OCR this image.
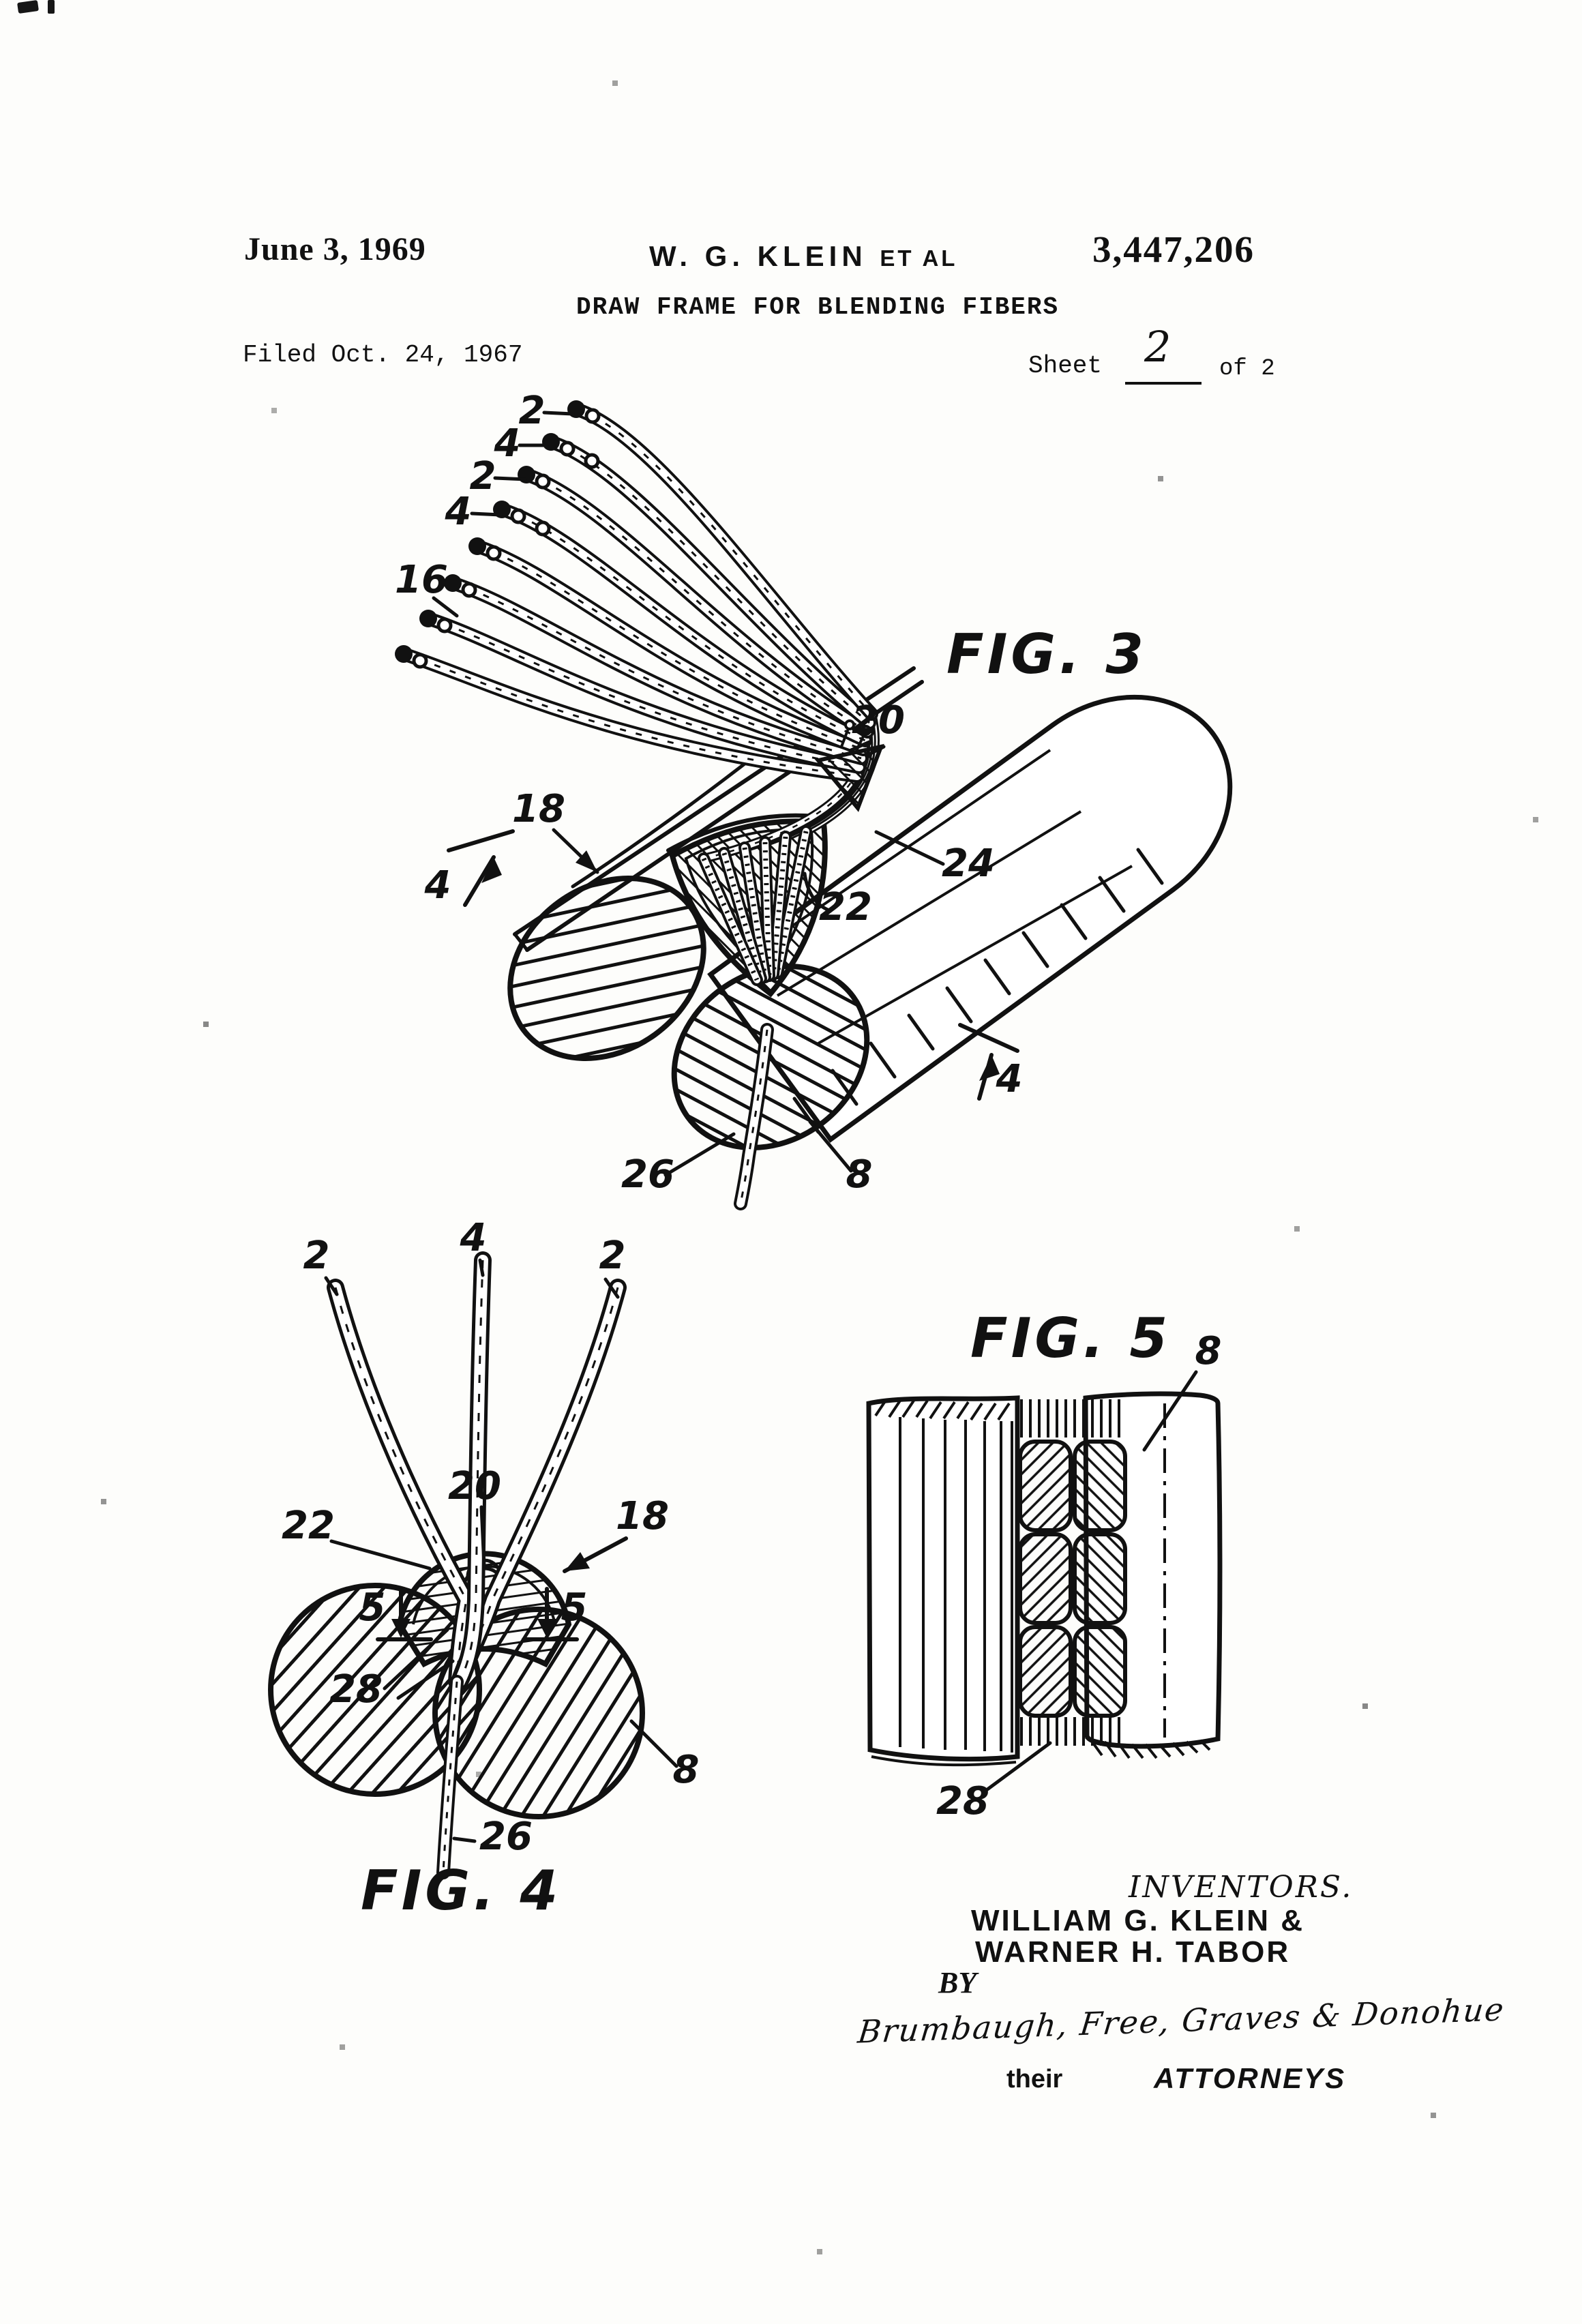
June 3, 1969	W. G. KLEIN ET AL	3,447,206
DRAW FRAME FOR BLENDING FIBERS
Filed Oct. 24, 1967	Sheet 2 of 2
2
4
2
4
16
20
24
18
22
4
4
26	8
FIG. 3
2	4	2
22
20
18
5	5
28
8
26
FIG. 4
8
28
FIG. 5
INVENTORS.
WILLIAM G. KLEIN &
WARNER H. TABOR
BY
Brumbaugh, Free, Graves & Donohue
their	ATTORNEYS
